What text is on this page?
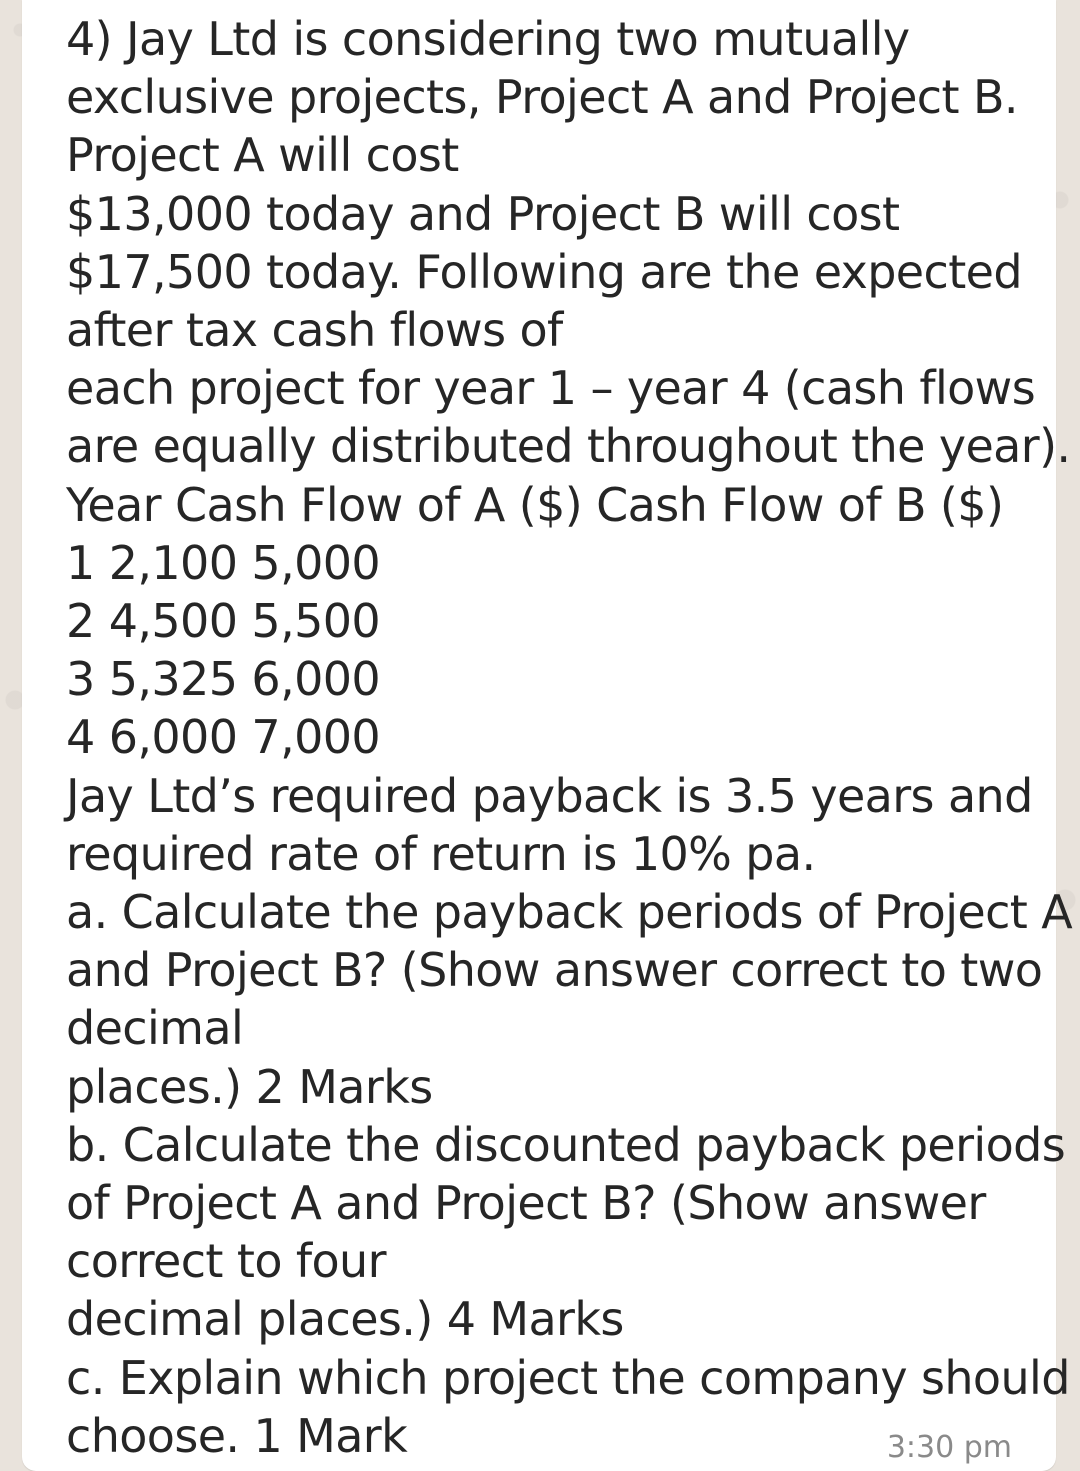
4) Jay Ltd is considering two mutually
exclusive projects, Project A and Project B.
Project A will cost
$13,000 today and Project B will cost
$17,500 today. Following are the expected
after tax cash flows of
each project for year 1 – year 4 (cash flows
are equally distributed throughout the year).
Year Cash Flow of A ($) Cash Flow of B ($)
1 2,100 5,000
2 4,500 5,500
3 5,325 6,000
4 6,000 7,000
Jay Ltd’s required payback is 3.5 years and
required rate of return is 10% pa.
a. Calculate the payback periods of Project A
and Project B? (Show answer correct to two
decimal
places.) 2 Marks
b. Calculate the discounted payback periods
of Project A and Project B? (Show answer
correct to four
decimal places.) 4 Marks
c. Explain which project the company should
choose. 1 Mark	3:30 pm
